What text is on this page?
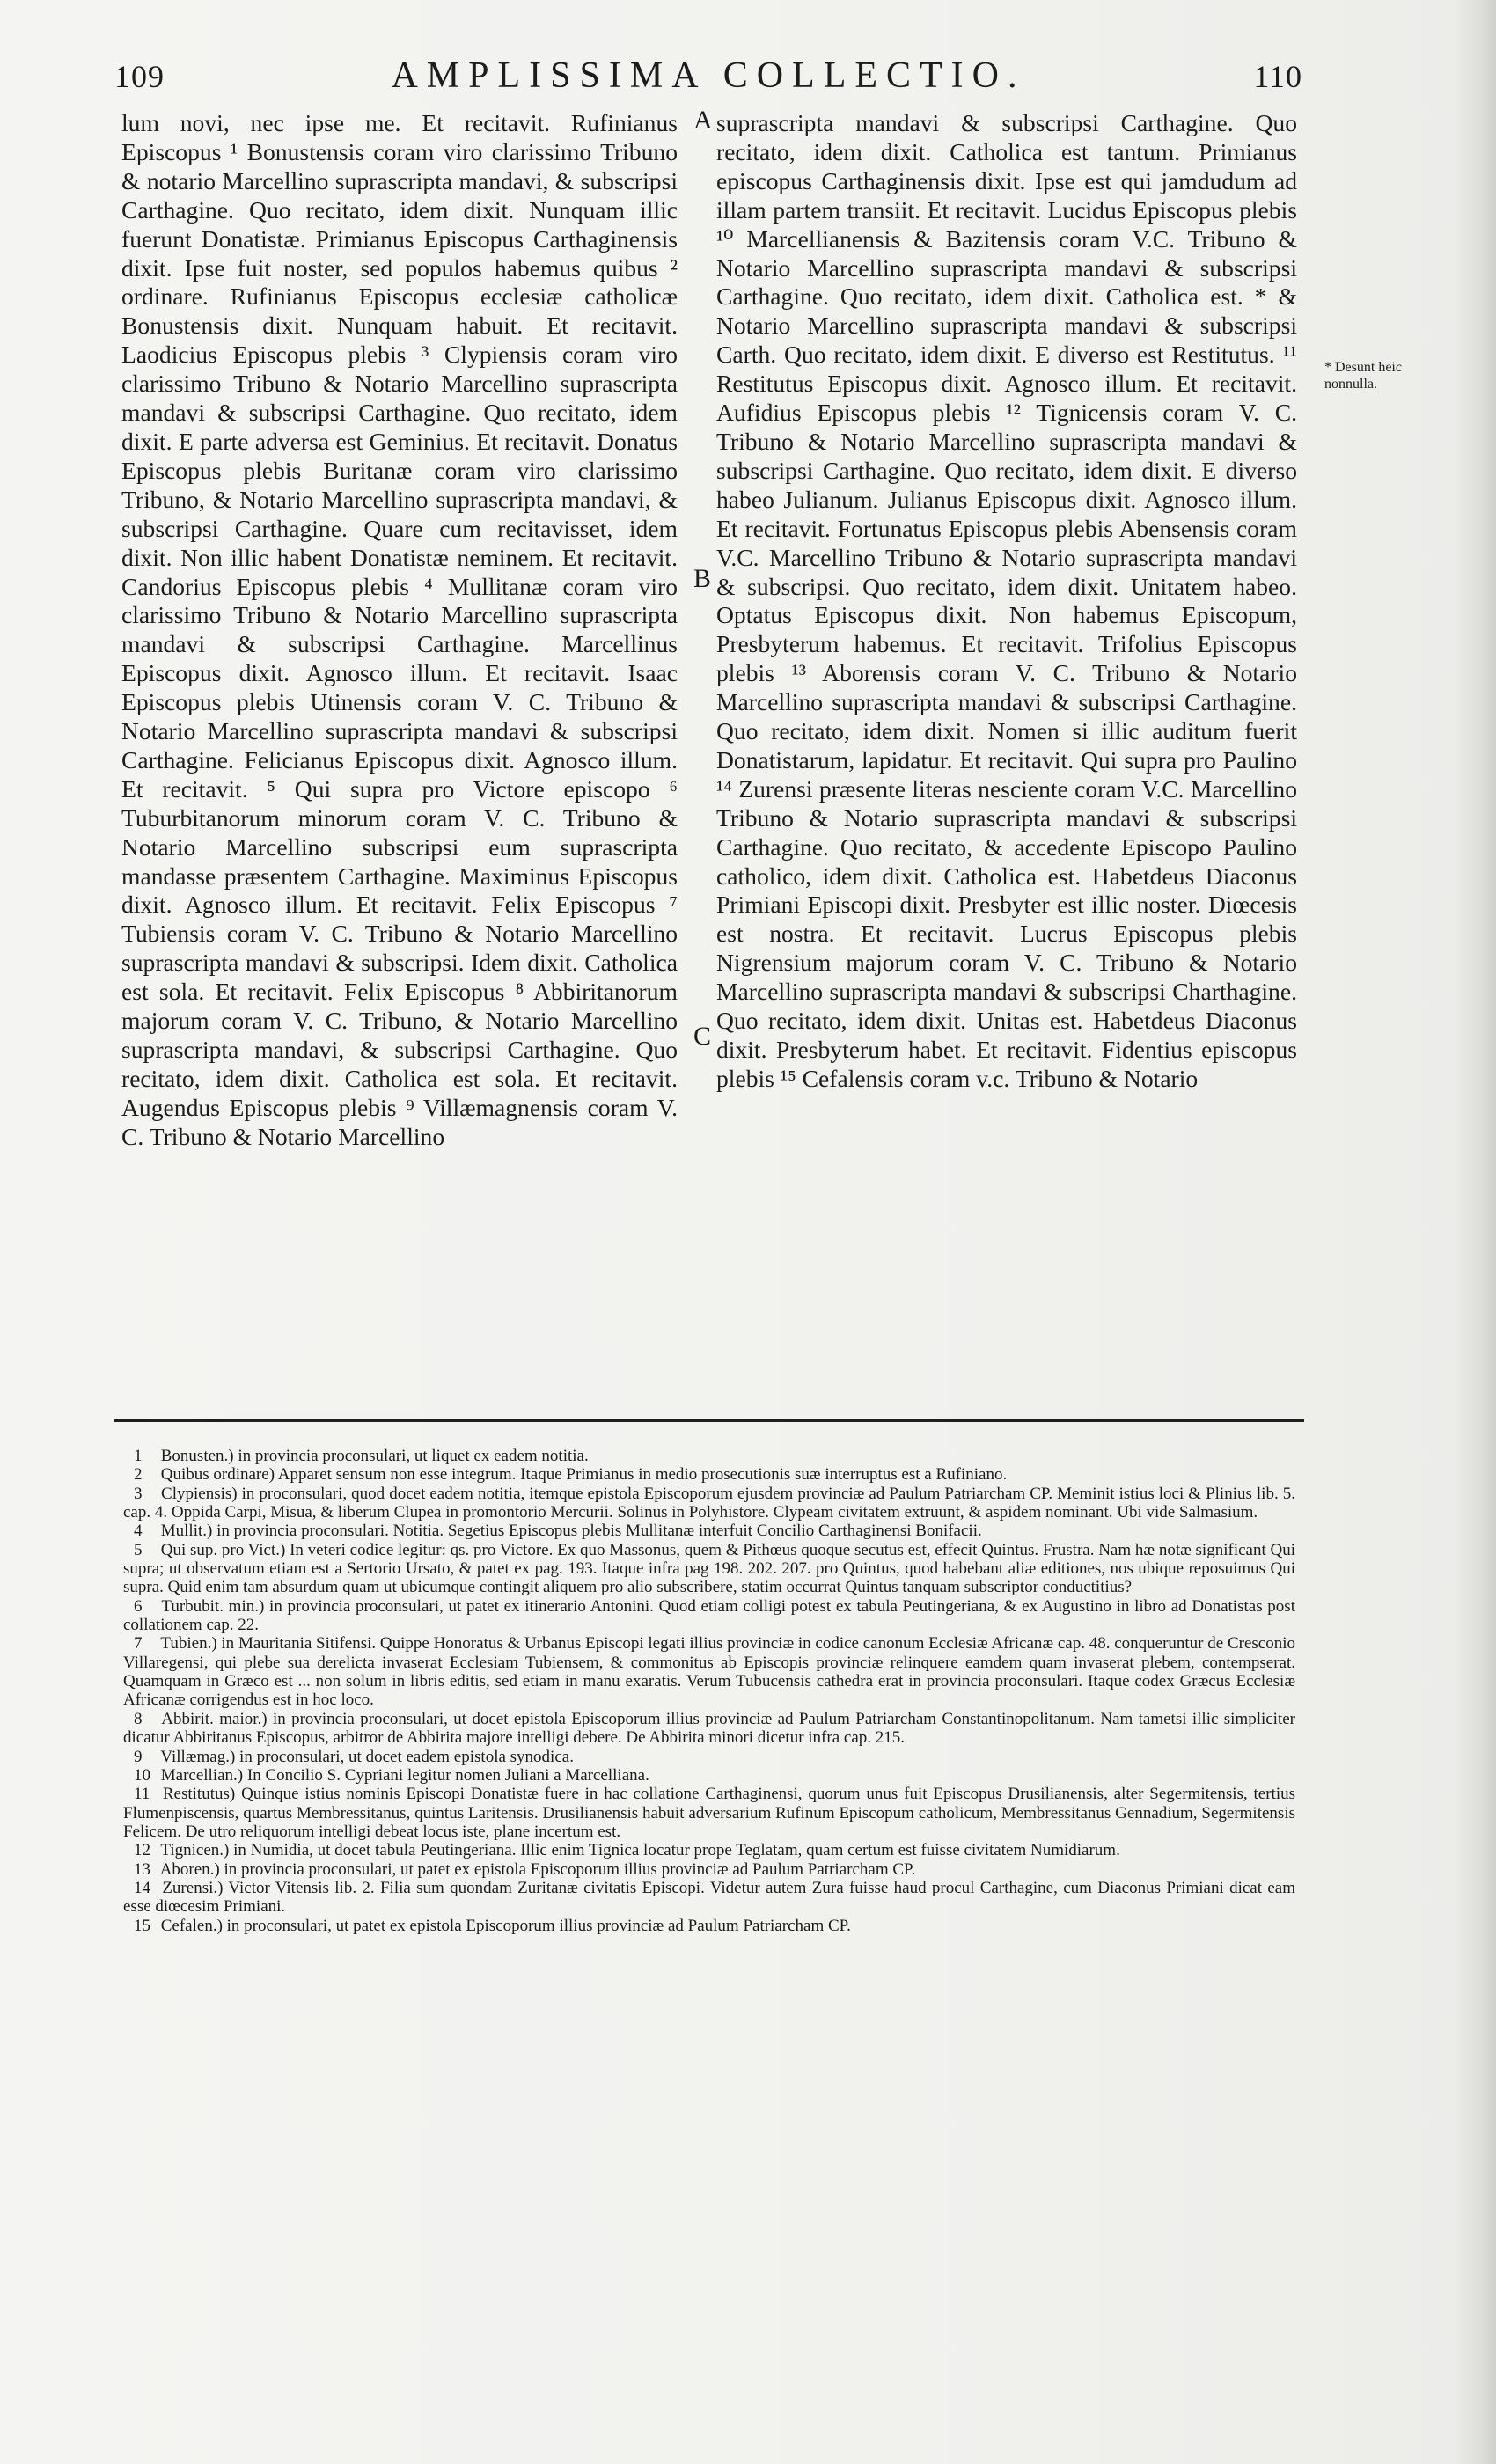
109	AMPLISSIMA COLLECTIO.	110

lum novi, nec ipse me. Et recitavit. Rufinianus Episcopus ¹ Bonustensis coram viro clarissimo Tribuno & notario Marcellino suprascripta mandavi, & subscripsi Carthagine. Quo recitato, idem dixit. Nunquam illic fuerunt Donatistæ. Primianus Episcopus Carthaginensis dixit. Ipse fuit noster, sed populos habemus quibus ² ordinare. Rufinianus Episcopus ecclesiæ catholicæ Bonustensis dixit. Nunquam habuit. Et recitavit. Laodicius Episcopus plebis ³ Clypiensis coram viro clarissimo Tribuno & Notario Marcellino suprascripta mandavi & subscripsi Carthagine. Quo recitato, idem dixit. E parte adversa est Geminius. Et recitavit. Donatus Episcopus plebis Buritanæ coram viro clarissimo Tribuno, & Notario Marcellino suprascripta mandavi, & subscripsi Carthagine. Quare cum recitavisset, idem dixit. Non illic habent Donatistæ neminem. Et recitavit. Candorius Episcopus plebis ⁴ Mullitanæ coram viro clarissimo Tribuno & Notario Marcellino suprascripta mandavi & subscripsi Carthagine. Marcellinus Episcopus dixit. Agnosco illum. Et recitavit. Isaac Episcopus plebis Utinensis coram V. C. Tribuno & Notario Marcellino suprascripta mandavi & subscripsi Carthagine. Felicianus Episcopus dixit. Agnosco illum. Et recitavit. ⁵ Qui supra pro Victore episcopo ⁶ Tuburbitanorum minorum coram V. C. Tribuno & Notario Marcellino subscripsi eum suprascripta mandasse præsentem Carthagine. Maximinus Episcopus dixit. Agnosco illum. Et recitavit. Felix Episcopus ⁷ Tubiensis coram V. C. Tribuno & Notario Marcellino suprascripta mandavi & subscripsi. Idem dixit. Catholica est sola. Et recitavit. Felix Episcopus ⁸ Abbiritanorum majorum coram V. C. Tribuno, & Notario Marcellino suprascripta mandavi, & subscripsi Carthagine. Quo recitato, idem dixit. Catholica est sola. Et recitavit. Augendus Episcopus plebis ⁹ Villæmagnensis coram V. C. Tribuno & Notario Marcellino

suprascripta mandavi & subscripsi Carthagine. Quo recitato, idem dixit. Catholica est tantum. Primianus episcopus Carthaginensis dixit. Ipse est qui jamdudum ad illam partem transiit. Et recitavit. Lucidus Episcopus plebis ¹⁰ Marcellianensis & Bazitensis coram V.C. Tribuno & Notario Marcellino suprascripta mandavi & subscripsi Carthagine. Quo recitato, idem dixit. Catholica est. * & Notario Marcellino suprascripta mandavi & subscripsi Carth. Quo recitato, idem dixit. E diverso est Restitutus. ¹¹ Restitutus Episcopus dixit. Agnosco illum. Et recitavit. Aufidius Episcopus plebis ¹² Tignicensis coram V. C. Tribuno & Notario Marcellino suprascripta mandavi & subscripsi Carthagine. Quo recitato, idem dixit. E diverso habeo Julianum. Julianus Episcopus dixit. Agnosco illum. Et recitavit. Fortunatus Episcopus plebis Abensensis coram V.C. Marcellino Tribuno & Notario suprascripta mandavi & subscripsi. Quo recitato, idem dixit. Unitatem habeo. Optatus Episcopus dixit. Non habemus Episcopum, Presbyterum habemus. Et recitavit. Trifolius Episcopus plebis ¹³ Aborensis coram V. C. Tribuno & Notario Marcellino suprascripta mandavi & subscripsi Carthagine. Quo recitato, idem dixit. Nomen si illic auditum fuerit Donatistarum, lapidatur. Et recitavit. Qui supra pro Paulino ¹⁴ Zurensi præsente literas nesciente coram V.C. Marcellino Tribuno & Notario suprascripta mandavi & subscripsi Carthagine. Quo recitato, & accedente Episcopo Paulino catholico, idem dixit. Catholica est. Habetdeus Diaconus Primiani Episcopi dixit. Presbyter est illic noster. Diœcesis est nostra. Et recitavit. Lucrus Episcopus plebis Nigrensium majorum coram V. C. Tribuno & Notario Marcellino suprascripta mandavi & subscripsi Charthagine. Quo recitato, idem dixit. Unitas est. Habetdeus Diaconus dixit. Presbyterum habet. Et recitavit. Fidentius episcopus plebis ¹⁵ Cefalensis coram v.c. Tribuno & Notario

A
B
C
* Desunt heic nonnulla.

1 Bonusten.) in provincia proconsulari, ut liquet ex eadem notitia.

2 Quibus ordinare) Apparet sensum non esse integrum. Itaque Primianus in medio prosecutionis suæ interruptus est a Rufiniano.

3 Clypiensis) in proconsulari, quod docet eadem notitia, itemque epistola Episcoporum ejusdem provinciæ ad Paulum Patriarcham CP. Meminit istius loci & Plinius lib. 5. cap. 4. Oppida Carpi, Misua, & liberum Clupea in promontorio Mercurii. Solinus in Polyhistore. Clypeam civitatem extruunt, & aspidem nominant. Ubi vide Salmasium.

4 Mullit.) in provincia proconsulari. Notitia. Segetius Episcopus plebis Mullitanæ interfuit Concilio Carthaginensi Bonifacii.

5 Qui sup. pro Vict.) In veteri codice legitur: qs. pro Victore. Ex quo Massonus, quem & Pithœus quoque secutus est, effecit Quintus. Frustra. Nam hæ notæ significant Qui supra; ut observatum etiam est a Sertorio Ursato, & patet ex pag. 193. Itaque infra pag 198. 202. 207. pro Quintus, quod habebant aliæ editiones, nos ubique reposuimus Qui supra. Quid enim tam absurdum quam ut ubicumque contingit aliquem pro alio subscribere, statim occurrat Quintus tanquam subscriptor conductitius?

6 Turbubit. min.) in provincia proconsulari, ut patet ex itinerario Antonini. Quod etiam colligi potest ex tabula Peutingeriana, & ex Augustino in libro ad Donatistas post collationem cap. 22.

7 Tubien.) in Mauritania Sitifensi. Quippe Honoratus & Urbanus Episcopi legati illius provinciæ in codice canonum Ecclesiæ Africanæ cap. 48. conqueruntur de Cresconio Villaregensi, qui plebe sua derelicta invaserat Ecclesiam Tubiensem, & commonitus ab Episcopis provinciæ relinquere eamdem quam invaserat plebem, contempserat. Quamquam in Græco est ... non solum in libris editis, sed etiam in manu exaratis. Verum Tubucensis cathedra erat in provincia proconsulari. Itaque codex Græcus Ecclesiæ Africanæ corrigendus est in hoc loco.

8 Abbirit. maior.) in provincia proconsulari, ut docet epistola Episcoporum illius provinciæ ad Paulum Patriarcham Constantinopolitanum. Nam tametsi illic simpliciter dicatur Abbiritanus Episcopus, arbitror de Abbirita majore intelligi debere. De Abbirita minori dicetur infra cap. 215.

9 Villæmag.) in proconsulari, ut docet eadem epistola synodica.

10 Marcellian.) In Concilio S. Cypriani legitur nomen Juliani a Marcelliana.

11 Restitutus) Quinque istius nominis Episcopi Donatistæ fuere in hac collatione Carthaginensi, quorum unus fuit Episcopus Drusilianensis, alter Segermitensis, tertius Flumenpiscensis, quartus Membressitanus, quintus Laritensis. Drusilianensis habuit adversarium Rufinum Episcopum catholicum, Membressitanus Gennadium, Segermitensis Felicem. De utro reliquorum intelligi debeat locus iste, plane incertum est.

12 Tignicen.) in Numidia, ut docet tabula Peutingeriana. Illic enim Tignica locatur prope Teglatam, quam certum est fuisse civitatem Numidiarum.

13 Aboren.) in provincia proconsulari, ut patet ex epistola Episcoporum illius provinciæ ad Paulum Patriarcham CP.

14 Zurensi.) Victor Vitensis lib. 2. Filia sum quondam Zuritanæ civitatis Episcopi. Videtur autem Zura fuisse haud procul Carthagine, cum Diaconus Primiani dicat eam esse diœcesim Primiani.

15 Cefalen.) in proconsulari, ut patet ex epistola Episcoporum illius provinciæ ad Paulum Patriarcham CP.
